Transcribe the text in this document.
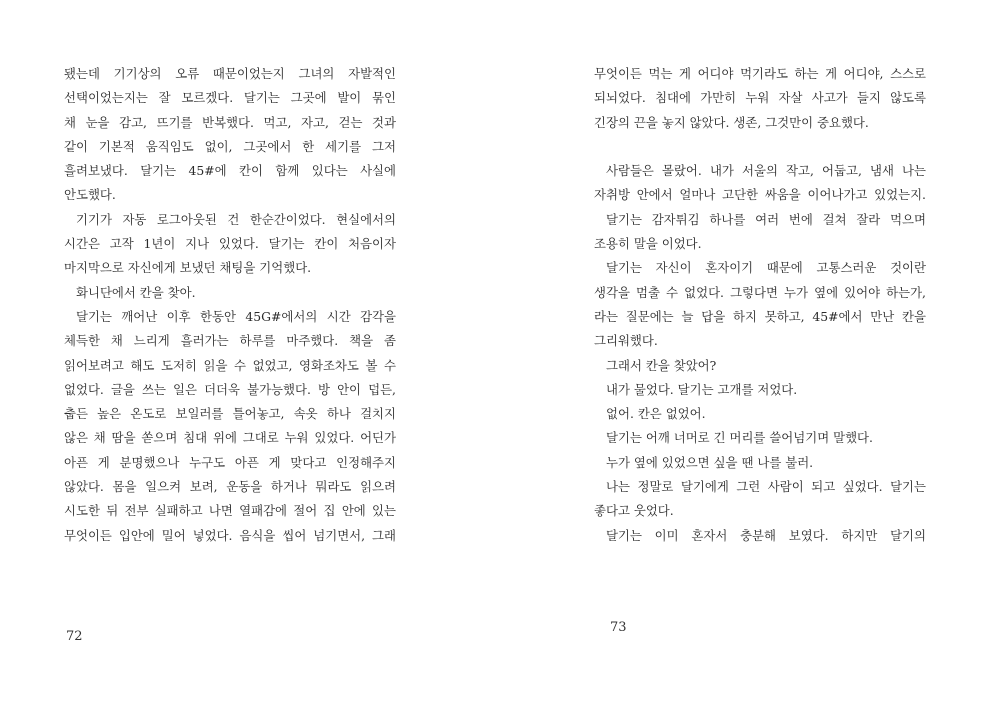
됐는데 기기상의 오류 때문이었는지 그녀의 자발적인
선택이었는지는 잘 모르겠다. 달기는 그곳에 발이 묶인
채 눈을 감고, 뜨기를 반복했다. 먹고, 자고, 걷는 것과
같이 기본적 움직임도 없이, 그곳에서 한 세기를 그저
흘려보냈다. 달기는 45#에 칸이 함께 있다는 사실에
안도했다.
기기가 자동 로그아웃된 건 한순간이었다. 현실에서의
시간은 고작 1년이 지나 있었다. 달기는 칸이 처음이자
마지막으로 자신에게 보냈던 채팅을 기억했다.
화니단에서 칸을 찾아.
달기는 깨어난 이후 한동안 45G#에서의 시간 감각을
체득한 채 느리게 흘러가는 하루를 마주했다. 책을 좀
읽어보려고 해도 도저히 읽을 수 없었고, 영화조차도 볼 수
없었다. 글을 쓰는 일은 더더욱 불가능했다. 방 안이 덥든,
춥든 높은 온도로 보일러를 틀어놓고, 속옷 하나 걸치지
않은 채 땀을 쏟으며 침대 위에 그대로 누워 있었다. 어딘가
아픈 게 분명했으나 누구도 아픈 게 맞다고 인정해주지
않았다. 몸을 일으켜 보려, 운동을 하거나 뭐라도 읽으려
시도한 뒤 전부 실패하고 나면 열패감에 절어 집 안에 있는
무엇이든 입안에 밀어 넣었다. 음식을 씹어 넘기면서, 그래
무엇이든 먹는 게 어디야 먹기라도 하는 게 어디야, 스스로
되뇌었다. 침대에 가만히 누워 자살 사고가 들지 않도록
긴장의 끈을 놓지 않았다. 생존, 그것만이 중요했다.
사람들은 몰랐어. 내가 서울의 작고, 어둡고, 냄새 나는
자취방 안에서 얼마나 고단한 싸움을 이어나가고 있었는지.
달기는 감자튀김 하나를 여러 번에 걸쳐 잘라 먹으며
조용히 말을 이었다.
달기는 자신이 혼자이기 때문에 고통스러운 것이란
생각을 멈출 수 없었다. 그렇다면 누가 옆에 있어야 하는가,
라는 질문에는 늘 답을 하지 못하고, 45#에서 만난 칸을
그리워했다.
그래서 칸을 찾았어?
내가 물었다. 달기는 고개를 저었다.
없어. 칸은 없었어.
달기는 어깨 너머로 긴 머리를 쓸어넘기며 말했다.
누가 옆에 있었으면 싶을 땐 나를 불러.
나는 정말로 달기에게 그런 사람이 되고 싶었다. 달기는
좋다고 웃었다.
달기는 이미 혼자서 충분해 보였다. 하지만 달기의
72
73
